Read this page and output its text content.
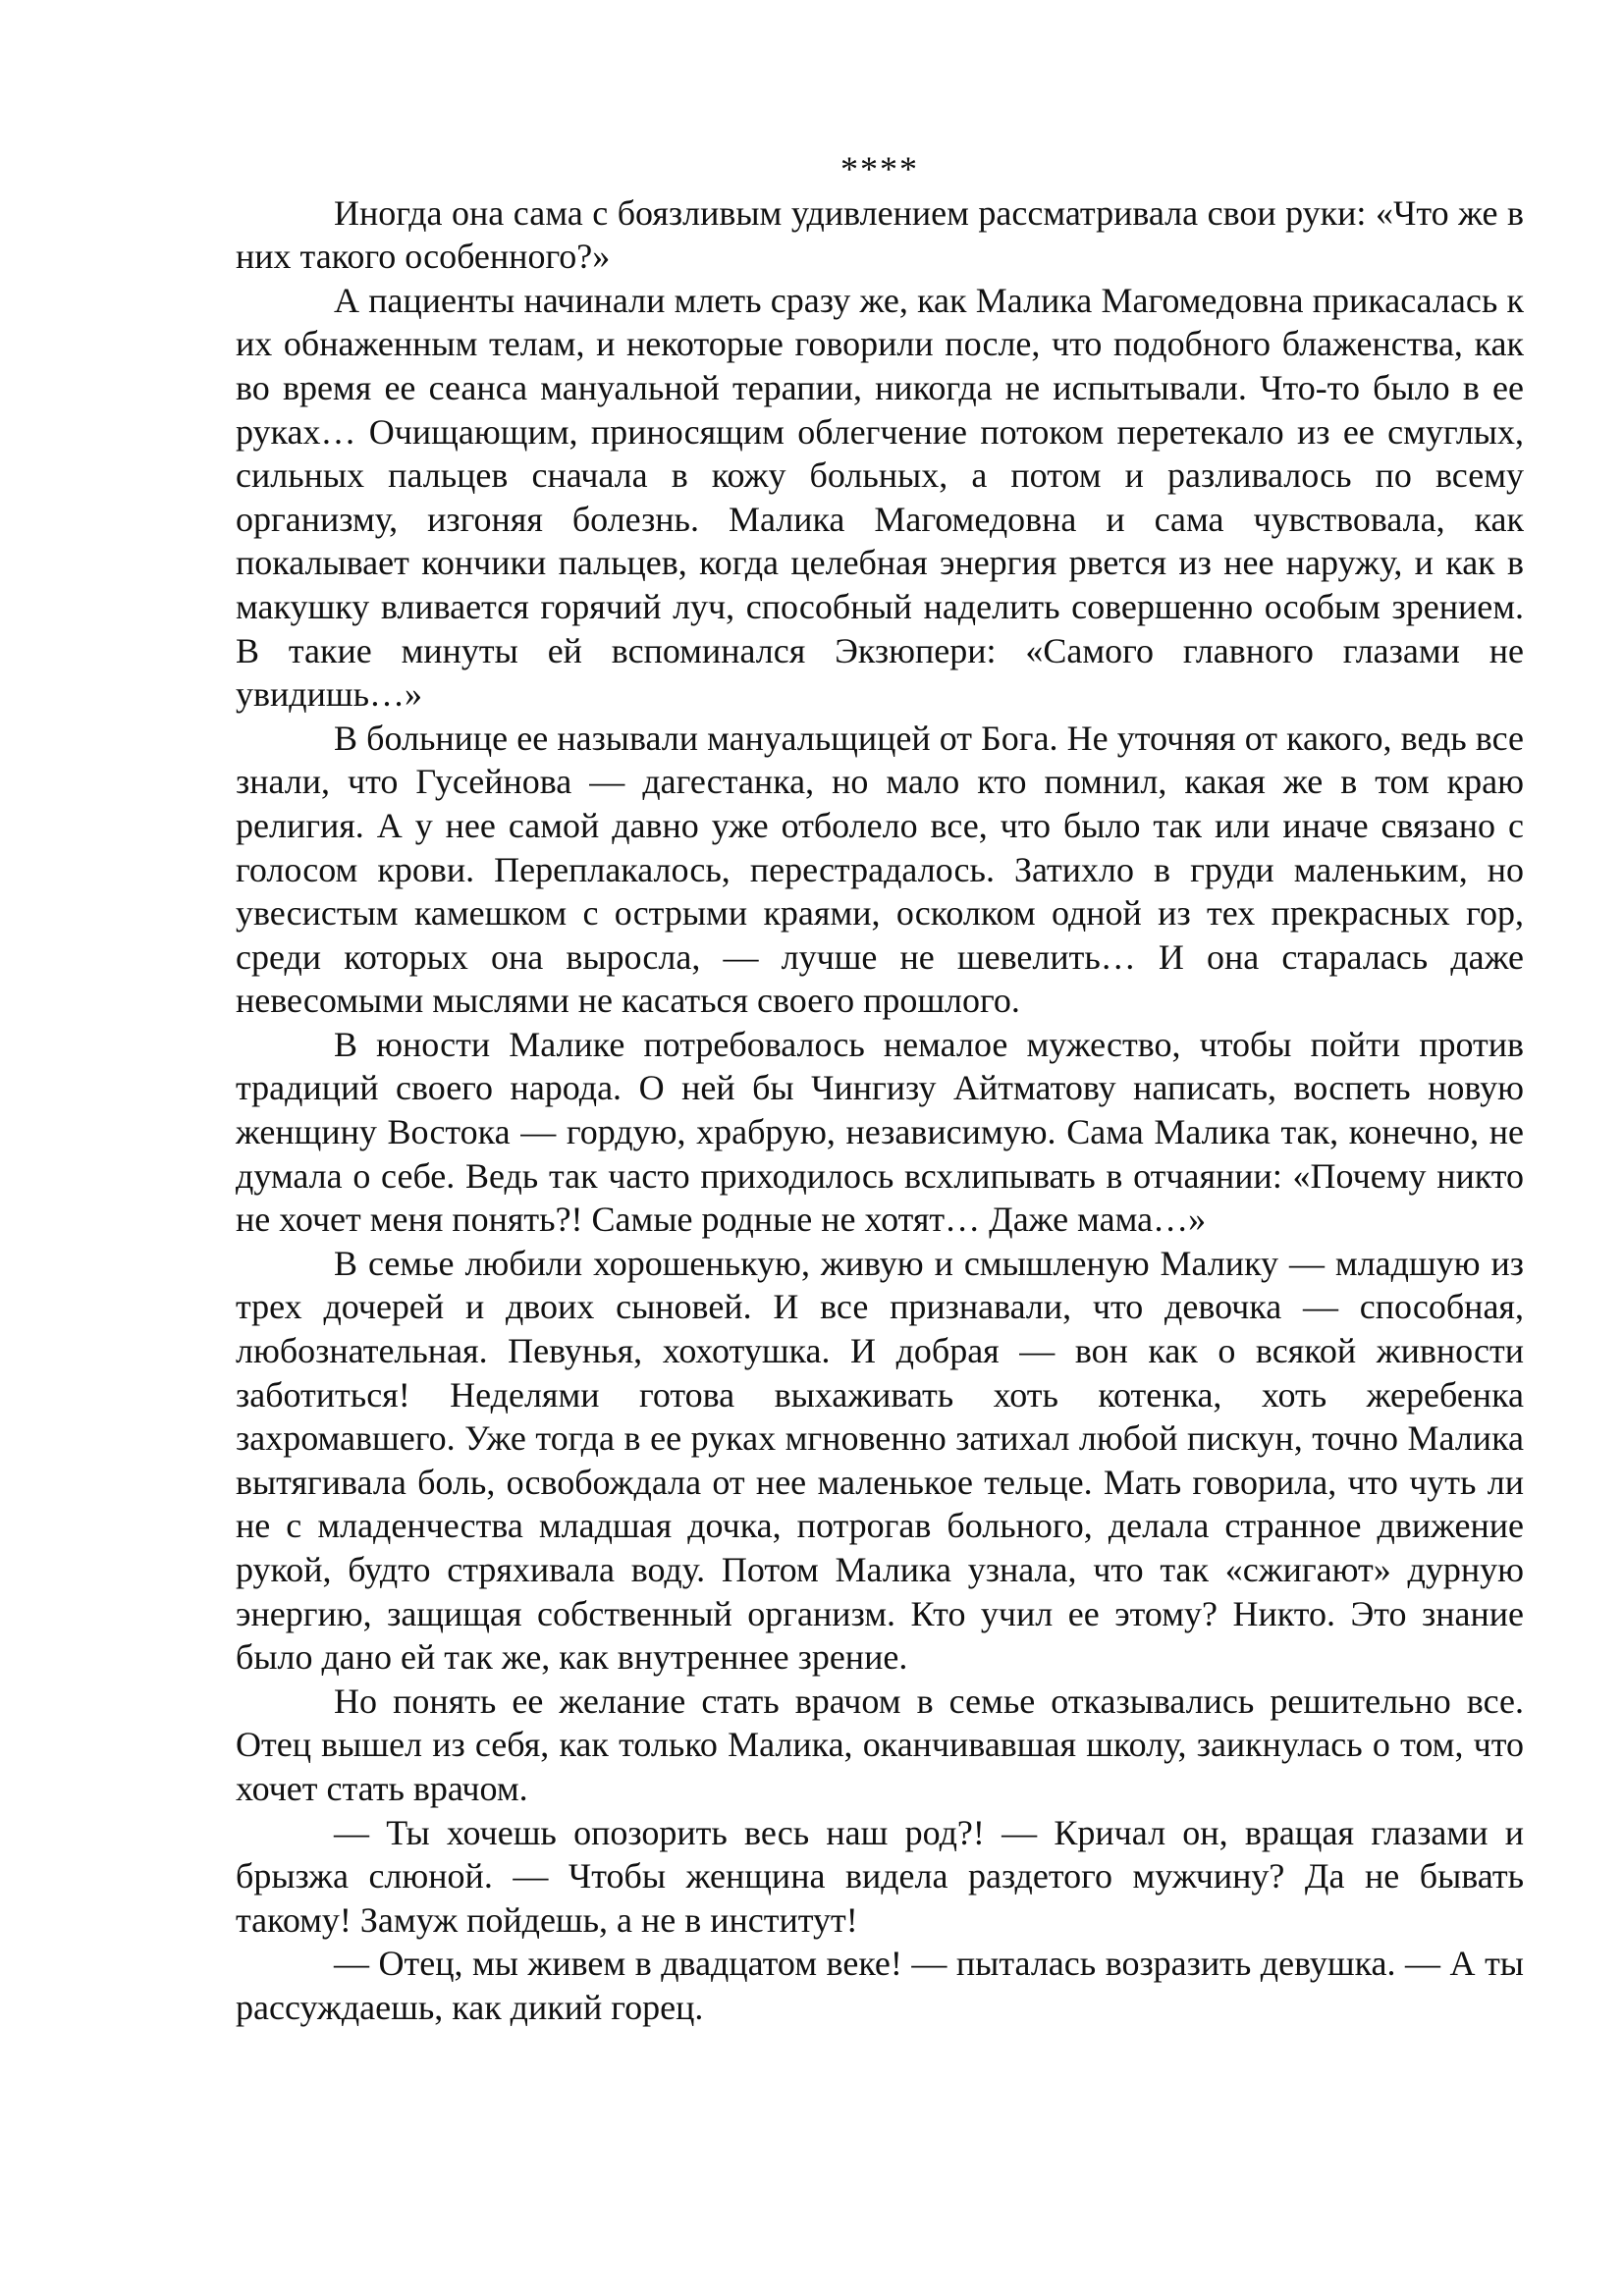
****

Иногда она сама с боязливым удивлением рассматривала свои руки: «Что же в них такого особенного?»

А пациенты начинали млеть сразу же, как Малика Магомедовна прикасалась к их обнаженным телам, и некоторые говорили после, что подобного блаженства, как во время ее сеанса мануальной терапии, никогда не испытывали. Что-то было в ее руках… Очищающим, приносящим облегчение потоком перетекало из ее смуглых, сильных пальцев сначала в кожу больных, а потом и разливалось по всему организму, изгоняя болезнь. Малика Магомедовна и сама чувствовала, как покалывает кончики пальцев, когда целебная энергия рвется из нее наружу, и как в макушку вливается горячий луч, способный наделить совершенно особым зрением. В такие минуты ей вспоминался Экзюпери: «Самого главного глазами не увидишь…»

В больнице ее называли мануальщицей от Бога. Не уточняя от какого, ведь все знали, что Гусейнова — дагестанка, но мало кто помнил, какая же в том краю религия. А у нее самой давно уже отболело все, что было так или иначе связано с голосом крови. Переплакалось, перестрадалось. Затихло в груди маленьким, но увесистым камешком с острыми краями, осколком одной из тех прекрасных гор, среди которых она выросла, — лучше не шевелить… И она старалась даже невесомыми мыслями не касаться своего прошлого.

В юности Малике потребовалось немалое мужество, чтобы пойти против традиций своего народа. О ней бы Чингизу Айтматову написать, воспеть новую женщину Востока — гордую, храбрую, независимую. Сама Малика так, конечно, не думала о себе. Ведь так часто приходилось всхлипывать в отчаянии: «Почему никто не хочет меня понять?! Самые родные не хотят… Даже мама…»

В семье любили хорошенькую, живую и смышленую Малику — младшую из трех дочерей и двоих сыновей. И все признавали, что девочка — способная, любознательная. Певунья, хохотушка. И добрая — вон как о всякой живности заботиться! Неделями готова выхаживать хоть котенка, хоть жеребенка захромавшего. Уже тогда в ее руках мгновенно затихал любой пискун, точно Малика вытягивала боль, освобождала от нее маленькое тельце. Мать говорила, что чуть ли не с младенчества младшая дочка, потрогав больного, делала странное движение рукой, будто стряхивала воду. Потом Малика узнала, что так «сжигают» дурную энергию, защищая собственный организм. Кто учил ее этому? Никто. Это знание было дано ей так же, как внутреннее зрение.

Но понять ее желание стать врачом в семье отказывались решительно все. Отец вышел из себя, как только Малика, оканчивавшая школу, заикнулась о том, что хочет стать врачом.

— Ты хочешь опозорить весь наш род?! — Кричал он, вращая глазами и брызжа слюной. — Чтобы женщина видела раздетого мужчину? Да не бывать такому! Замуж пойдешь, а не в институт!

— Отец, мы живем в двадцатом веке! — пыталась возразить девушка. — А ты рассуждаешь, как дикий горец.
